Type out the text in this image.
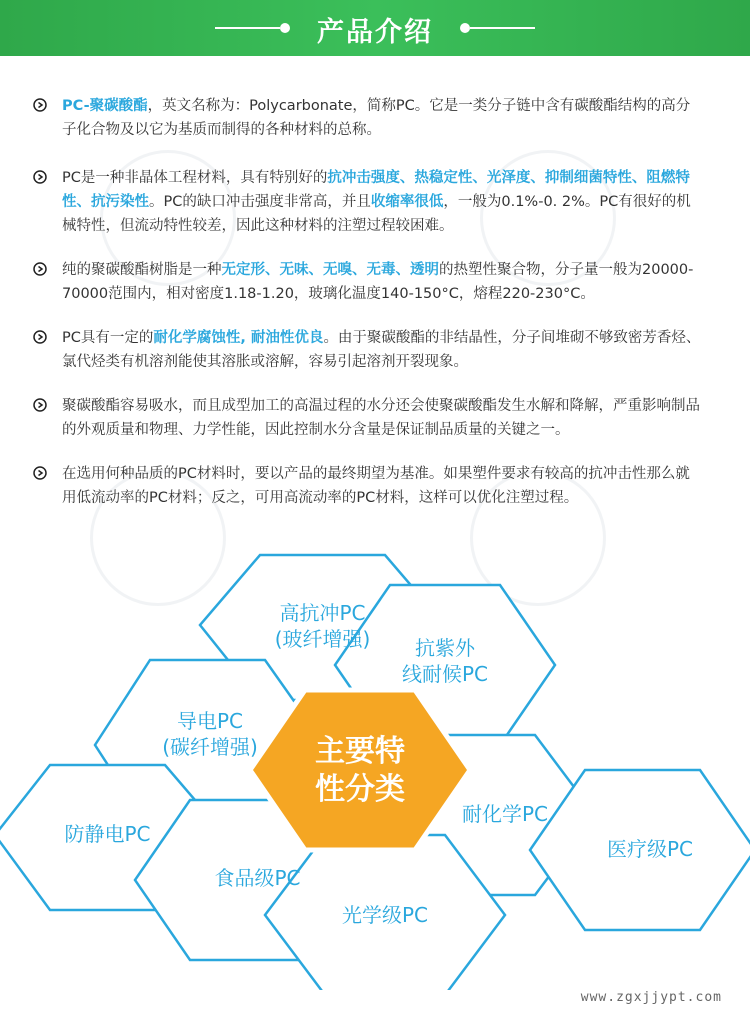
产品介绍
PC-聚碳酸酯，英文名称为：Polycarbonate，简称PC。它是一类分子链中含有碳酸酯结构的高分子化合物及以它为基质而制得的各种材料的总称。
PC是一种非晶体工程材料，具有特别好的抗冲击强度、热稳定性、光泽度、抑制细菌特性、阻燃特性、抗污染性。PC的缺口冲击强度非常高，并且收缩率很低，一般为0.1%-0. 2%。PC有很好的机械特性，但流动特性较差，因此这种材料的注塑过程较困难。
纯的聚碳酸酯树脂是一种无定形、无味、无嗅、无毒、透明的热塑性聚合物，分子量一般为20000-70000范围内，相对密度1.18-1.20，玻璃化温度140-150°C，熔程220-230°C。
PC具有一定的耐化学腐蚀性, 耐油性优良。由于聚碳酸酯的非结晶性，分子间堆砌不够致密芳香烃、氯代烃类有机溶剂能使其溶胀或溶解，容易引起溶剂开裂现象。
聚碳酸酯容易吸水，而且成型加工的高温过程的水分还会使聚碳酸酯发生水解和降解，严重影响制品的外观质量和物理、力学性能，因此控制水分含量是保证制品质量的关键之一。
在选用何种品质的PC材料时，要以产品的最终期望为基准。如果塑件要求有较高的抗冲击性那么就用低流动率的PC材料；反之，可用高流动率的PC材料，这样可以优化注塑过程。
主要特
性分类
高抗冲PC
(玻纤增强)	抗紫外
线耐候PC
导电PC
(碳纤增强)
防静电PC
耐化学PC
医疗级PC
食品级PC
光学级PC
www.zgxjjypt.com
